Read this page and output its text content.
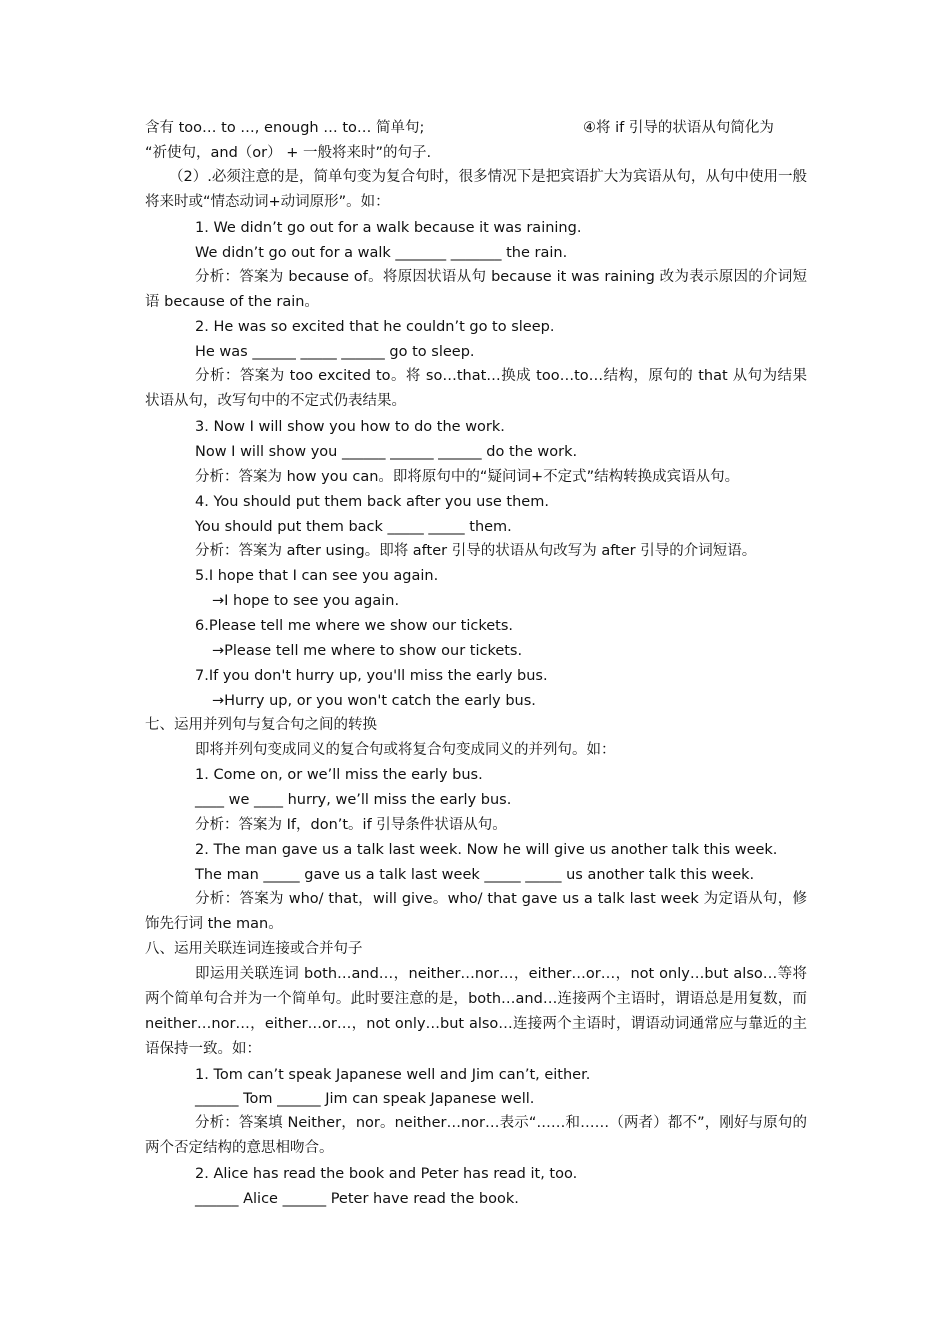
含有 too… to …, enough … to… 简单句;	④将 if 引导的状语从句简化为
“祈使句，and（or） + 一般将来时”的句子.
（2）.必须注意的是，简单句变为复合句时，很多情况下是把宾语扩大为宾语从句，从句中使用一般将来时或“情态动词+动词原形”。如：
1. We didn’t go out for a walk because it was raining.
We didn’t go out for a walk _______ _______ the rain.
分析：答案为 because of。将原因状语从句 because it was raining 改为表示原因的介词短语 because of the rain。
2. He was so excited that he couldn’t go to sleep.
He was ______ _____ ______ go to sleep.
分析：答案为 too excited to。将 so…that…换成 too…to…结构，原句的 that 从句为结果状语从句，改写句中的不定式仍表结果。
3. Now I will show you how to do the work.
Now I will show you ______ ______ ______ do the work.
分析：答案为 how you can。即将原句中的“疑问词+不定式”结构转换成宾语从句。
4. You should put them back after you use them.
You should put them back _____ _____ them.
分析：答案为 after using。即将 after 引导的状语从句改写为 after 引导的介词短语。
5.I hope that I can see you again.
→I hope to see you again.
6.Please tell me where we show our tickets.
→Please tell me where to show our tickets.
7.If you don't hurry up, you'll miss the early bus.
→Hurry up, or you won't catch the early bus.
七、运用并列句与复合句之间的转换
即将并列句变成同义的复合句或将复合句变成同义的并列句。如：
1. Come on, or we’ll miss the early bus.
____ we ____ hurry, we’ll miss the early bus.
分析：答案为 If，don’t。if 引导条件状语从句。
2. The man gave us a talk last week. Now he will give us another talk this week.
The man _____ gave us a talk last week _____ _____ us another talk this week.
分析：答案为 who/ that，will give。who/ that gave us a talk last week 为定语从句，修饰先行词 the man。
八、运用关联连词连接或合并句子
即运用关联连词 both…and…，neither…nor…，either…or…，not only…but also…等将两个简单句合并为一个简单句。此时要注意的是，both…and…连接两个主语时，谓语总是用复数，而 neither…nor…，either…or…，not only…but also…连接两个主语时，谓语动词通常应与靠近的主语保持一致。如：
1. Tom can’t speak Japanese well and Jim can’t, either.
______ Tom ______ Jim can speak Japanese well.
分析：答案填 Neither，nor。neither…nor…表示“……和……（两者）都不”，刚好与原句的两个否定结构的意思相吻合。
2. Alice has read the book and Peter has read it, too.
______ Alice ______ Peter have read the book.
